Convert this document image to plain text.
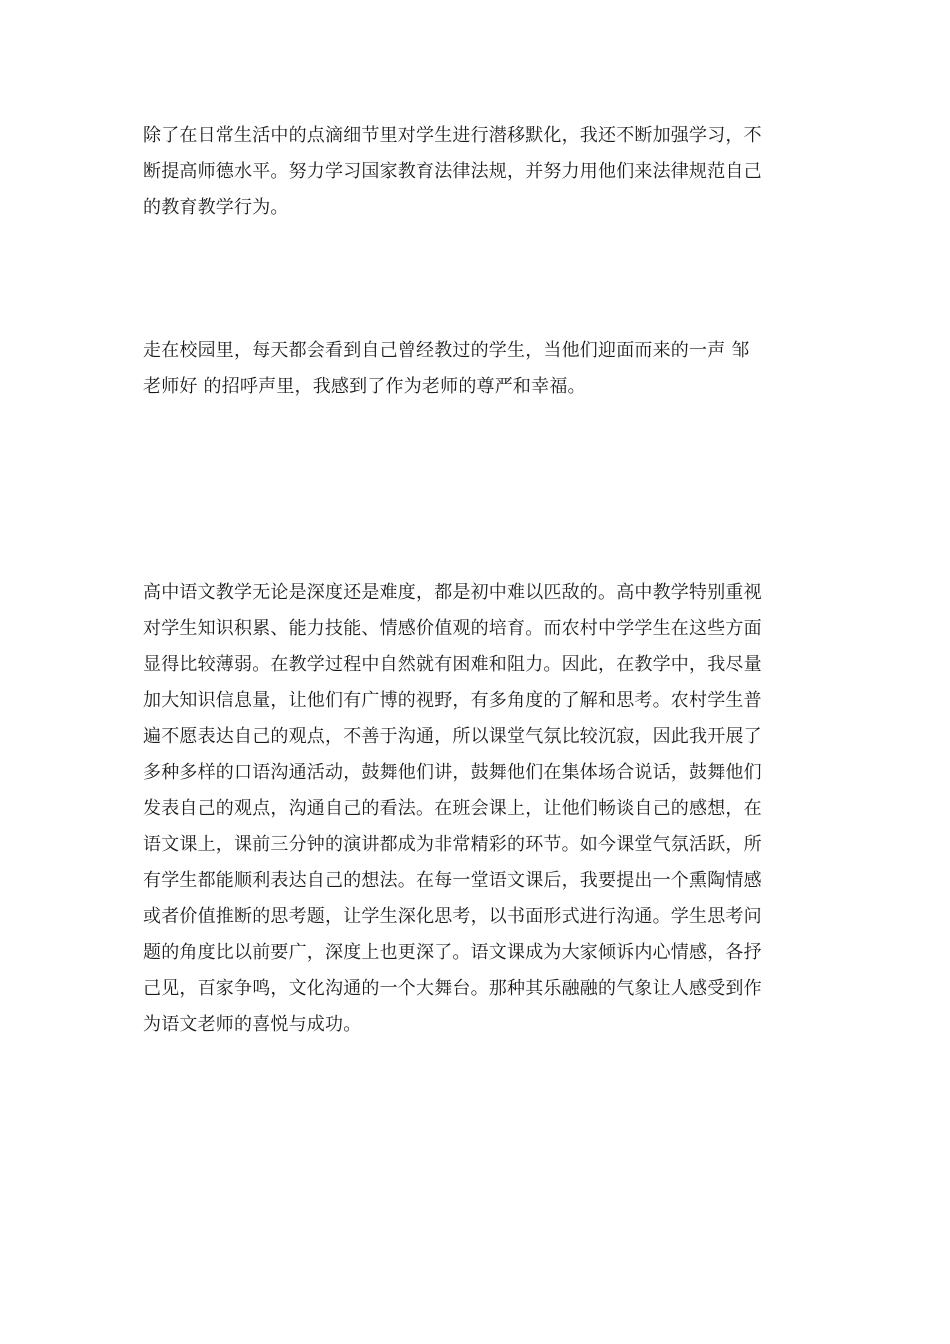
除了在日常生活中的点滴细节里对学生进行潜移默化，我还不断加强学习，不
断提高师德水平。努力学习国家教育法律法规，并努力用他们来法律规范自己
的教育教学行为。
走在校园里，每天都会看到自己曾经教过的学生，当他们迎面而来的一声 邹
老师好 的招呼声里，我感到了作为老师的尊严和幸福。
高中语文教学无论是深度还是难度，都是初中难以匹敌的。高中教学特别重视
对学生知识积累、能力技能、情感价值观的培育。而农村中学学生在这些方面
显得比较薄弱。在教学过程中自然就有困难和阻力。因此，在教学中，我尽量
加大知识信息量，让他们有广博的视野，有多角度的了解和思考。农村学生普
遍不愿表达自己的观点，不善于沟通，所以课堂气氛比较沉寂，因此我开展了
多种多样的口语沟通活动，鼓舞他们讲，鼓舞他们在集体场合说话，鼓舞他们
发表自己的观点，沟通自己的看法。在班会课上，让他们畅谈自己的感想，在
语文课上，课前三分钟的演讲都成为非常精彩的环节。如今课堂气氛活跃，所
有学生都能顺利表达自己的想法。在每一堂语文课后，我要提出一个熏陶情感
或者价值推断的思考题，让学生深化思考，以书面形式进行沟通。学生思考问
题的角度比以前要广，深度上也更深了。语文课成为大家倾诉内心情感，各抒
己见，百家争鸣，文化沟通的一个大舞台。那种其乐融融的气象让人感受到作
为语文老师的喜悦与成功。
